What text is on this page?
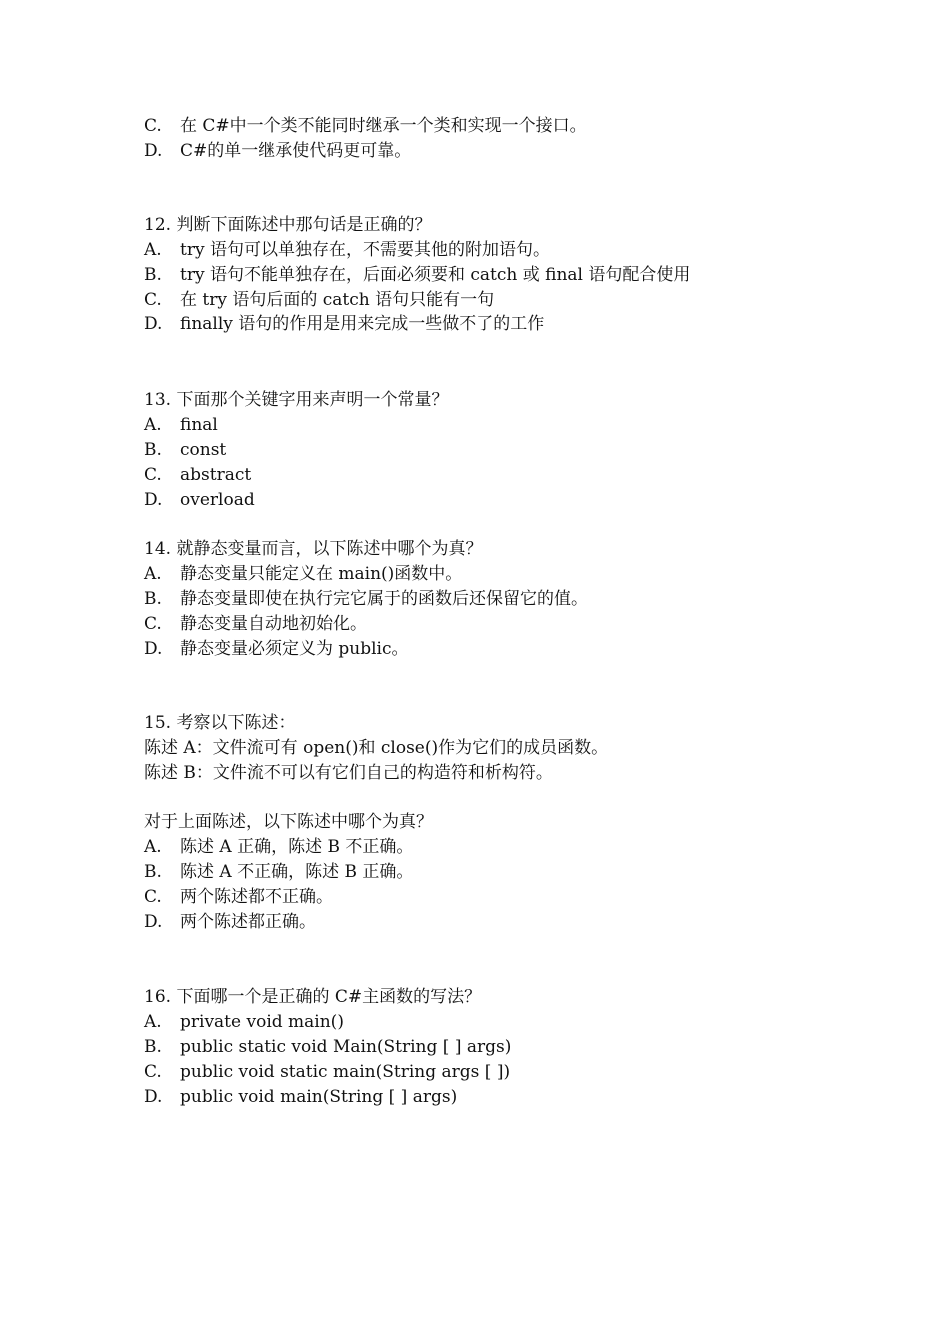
C. 在 C#中一个类不能同时继承一个类和实现一个接口。
D.C#的单一继承使代码更可靠。
12. 判断下面陈述中那句话是正确的？
A. try 语句可以单独存在，不需要其他的附加语句。
B. try 语句不能单独存在，后面必须要和 catch 或 final 语句配合使用
C. 在 try 语句后面的 catch 语句只能有一句
D. finally 语句的作用是用来完成一些做不了的工作
13. 下面那个关键字用来声明一个常量？
A. final
B. const
C. abstract
D. overload
14. 就静态变量而言，以下陈述中哪个为真？
A. 静态变量只能定义在 main()函数中。
B. 静态变量即使在执行完它属于的函数后还保留它的值。
C. 静态变量自动地初始化。
D. 静态变量必须定义为 public。
15. 考察以下陈述：
陈述 A：文件流可有 open()和 close()作为它们的成员函数。
陈述 B：文件流不可以有它们自己的构造符和析构符。
对于上面陈述，以下陈述中哪个为真？
A. 陈述 A 正确，陈述 B 不正确。
B. 陈述 A 不正确，陈述 B 正确。
C. 两个陈述都不正确。
D. 两个陈述都正确。
16. 下面哪一个是正确的 C#主函数的写法？
A. private void main()
B. public static void Main(String [ ] args)
C. public void static main(String args [ ])
D. public void main(String [ ] args)
